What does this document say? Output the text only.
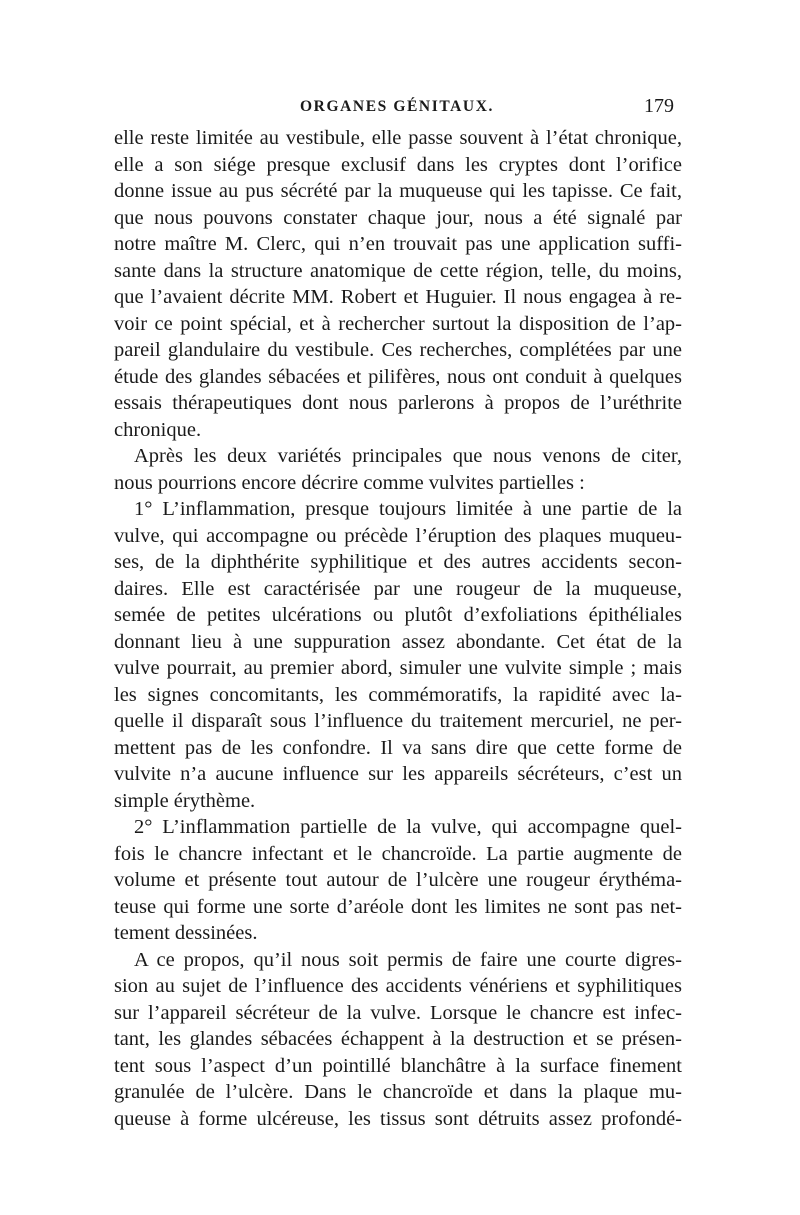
ORGANES GÉNITAUX.	179
elle reste limitée au vestibule, elle passe souvent à l’état chronique,
elle a son siége presque exclusif dans les cryptes dont l’orifice
donne issue au pus sécrété par la muqueuse qui les tapisse. Ce fait,
que nous pouvons constater chaque jour, nous a été signalé par
notre maître M. Clerc, qui n’en trouvait pas une application suffi-
sante dans la structure anatomique de cette région, telle, du moins,
que l’avaient décrite MM. Robert et Huguier. Il nous engagea à re-
voir ce point spécial, et à rechercher surtout la disposition de l’ap-
pareil glandulaire du vestibule. Ces recherches, complétées par une
étude des glandes sébacées et pilifères, nous ont conduit à quelques
essais thérapeutiques dont nous parlerons à propos de l’uréthrite
chronique.
Après les deux variétés principales que nous venons de citer,
nous pourrions encore décrire comme vulvites partielles :
1° L’inflammation, presque toujours limitée à une partie de la
vulve, qui accompagne ou précède l’éruption des plaques muqueu-
ses, de la diphthérite syphilitique et des autres accidents secon-
daires. Elle est caractérisée par une rougeur de la muqueuse,
semée de petites ulcérations ou plutôt d’exfoliations épithéliales
donnant lieu à une suppuration assez abondante. Cet état de la
vulve pourrait, au premier abord, simuler une vulvite simple ; mais
les signes concomitants, les commémoratifs, la rapidité avec la-
quelle il disparaît sous l’influence du traitement mercuriel, ne per-
mettent pas de les confondre. Il va sans dire que cette forme de
vulvite n’a aucune influence sur les appareils sécréteurs, c’est un
simple érythème.
2° L’inflammation partielle de la vulve, qui accompagne quel-
fois le chancre infectant et le chancroïde. La partie augmente de
volume et présente tout autour de l’ulcère une rougeur érythéma-
teuse qui forme une sorte d’aréole dont les limites ne sont pas net-
tement dessinées.
A ce propos, qu’il nous soit permis de faire une courte digres-
sion au sujet de l’influence des accidents vénériens et syphilitiques
sur l’appareil sécréteur de la vulve. Lorsque le chancre est infec-
tant, les glandes sébacées échappent à la destruction et se présen-
tent sous l’aspect d’un pointillé blanchâtre à la surface finement
granulée de l’ulcère. Dans le chancroïde et dans la plaque mu-
queuse à forme ulcéreuse, les tissus sont détruits assez profondé-
